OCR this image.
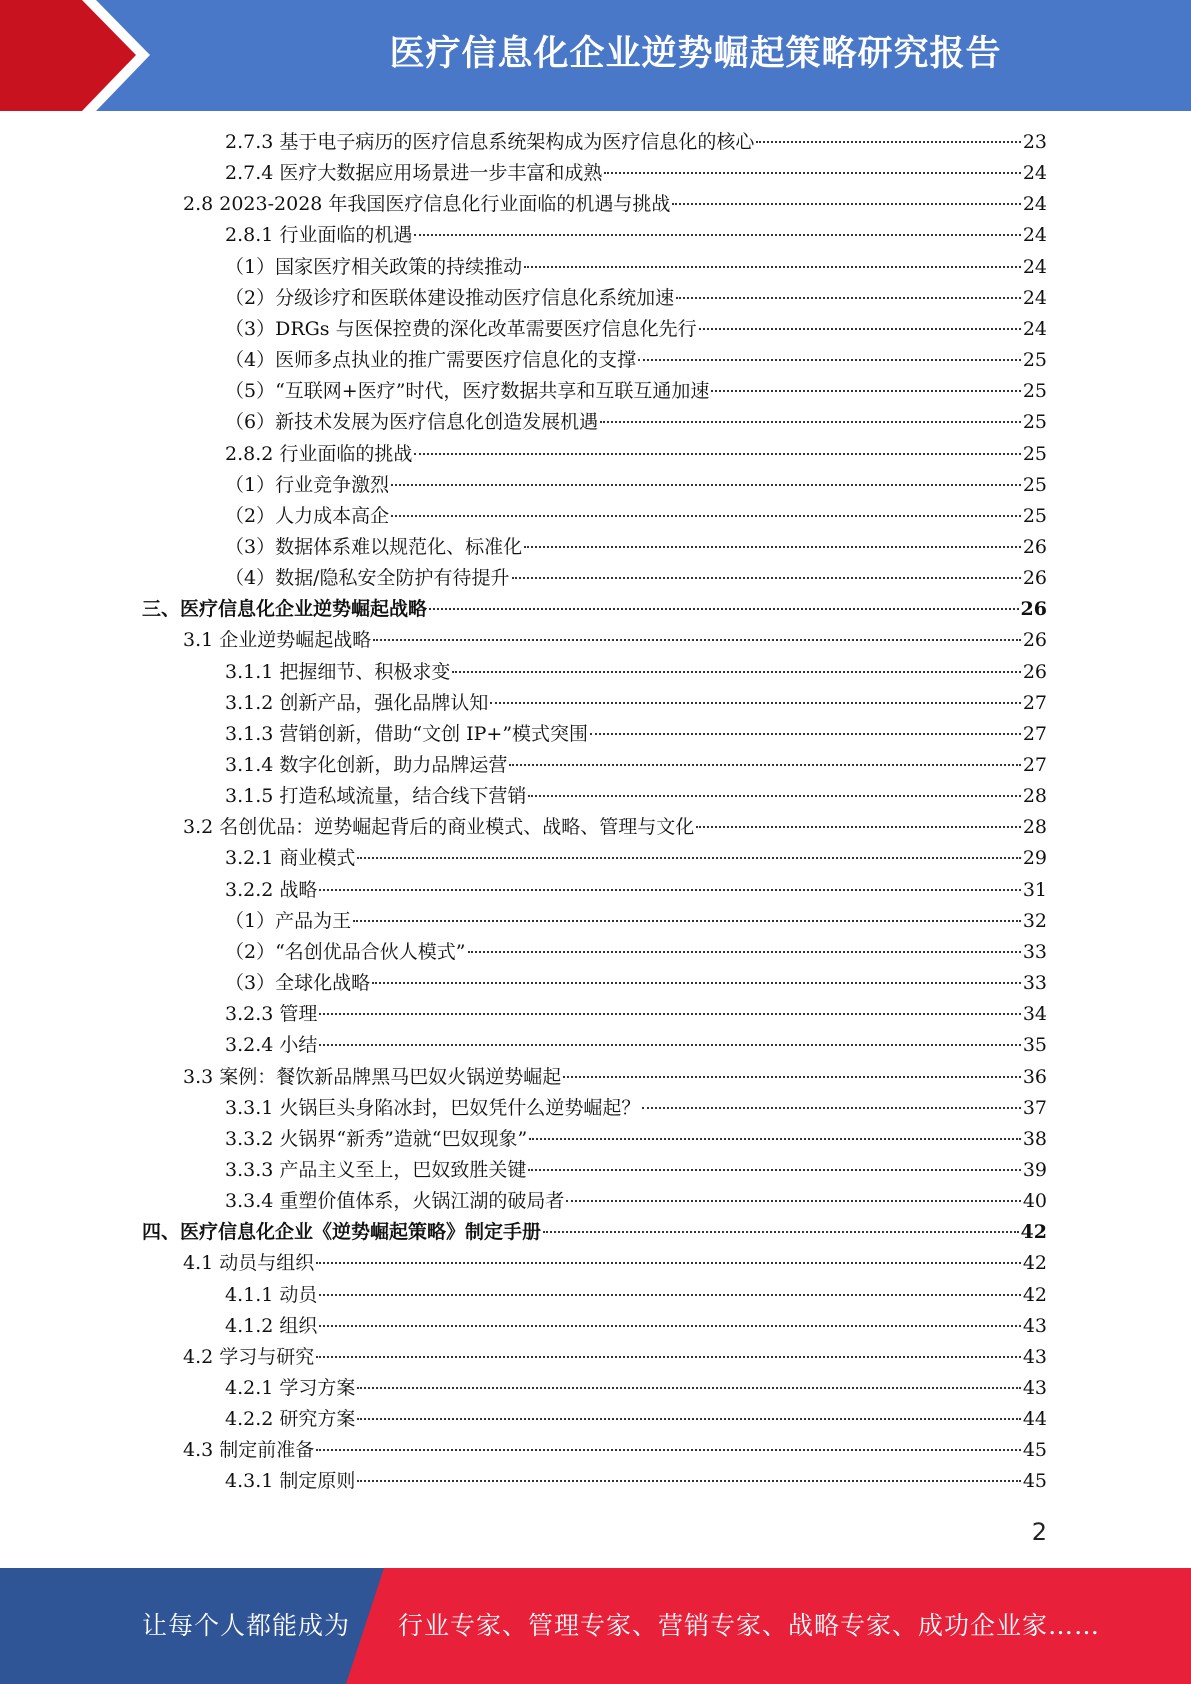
医疗信息化企业逆势崛起策略研究报告
2.7.3 基于电子病历的医疗信息系统架构成为医疗信息化的核心	23
2.7.4 医疗大数据应用场景进一步丰富和成熟	24
2.8 2023-2028 年我国医疗信息化行业面临的机遇与挑战	24
2.8.1 行业面临的机遇	24
（1）国家医疗相关政策的持续推动	24
（2）分级诊疗和医联体建设推动医疗信息化系统加速	24
（3）DRGs 与医保控费的深化改革需要医疗信息化先行	24
（4）医师多点执业的推广需要医疗信息化的支撑	25
（5）“互联网+医疗”时代，医疗数据共享和互联互通加速	25
（6）新技术发展为医疗信息化创造发展机遇	25
2.8.2 行业面临的挑战	25
（1）行业竞争激烈	25
（2）人力成本高企	25
（3）数据体系难以规范化、标准化	26
（4）数据/隐私安全防护有待提升	26
三、医疗信息化企业逆势崛起战略	26
3.1 企业逆势崛起战略	26
3.1.1 把握细节、积极求变	26
3.1.2 创新产品，强化品牌认知	27
3.1.3 营销创新，借助“文创 IP+”模式突围	27
3.1.4 数字化创新，助力品牌运营	27
3.1.5 打造私域流量，结合线下营销	28
3.2 名创优品：逆势崛起背后的商业模式、战略、管理与文化	28
3.2.1 商业模式	29
3.2.2 战略	31
（1）产品为王	32
（2）“名创优品合伙人模式”	33
（3）全球化战略	33
3.2.3 管理	34
3.2.4 小结	35
3.3 案例：餐饮新品牌黑马巴奴火锅逆势崛起	36
3.3.1 火锅巨头身陷冰封，巴奴凭什么逆势崛起？	37
3.3.2 火锅界“新秀”造就“巴奴现象”	38
3.3.3 产品主义至上，巴奴致胜关键	39
3.3.4 重塑价值体系，火锅江湖的破局者	40
四、医疗信息化企业《逆势崛起策略》制定手册	42
4.1 动员与组织	42
4.1.1 动员	42
4.1.2 组织	43
4.2 学习与研究	43
4.2.1 学习方案	43
4.2.2 研究方案	44
4.3 制定前准备	45
4.3.1 制定原则	45
2
让每个人都能成为 行业专家、管理专家、营销专家、战略专家、成功企业家……
